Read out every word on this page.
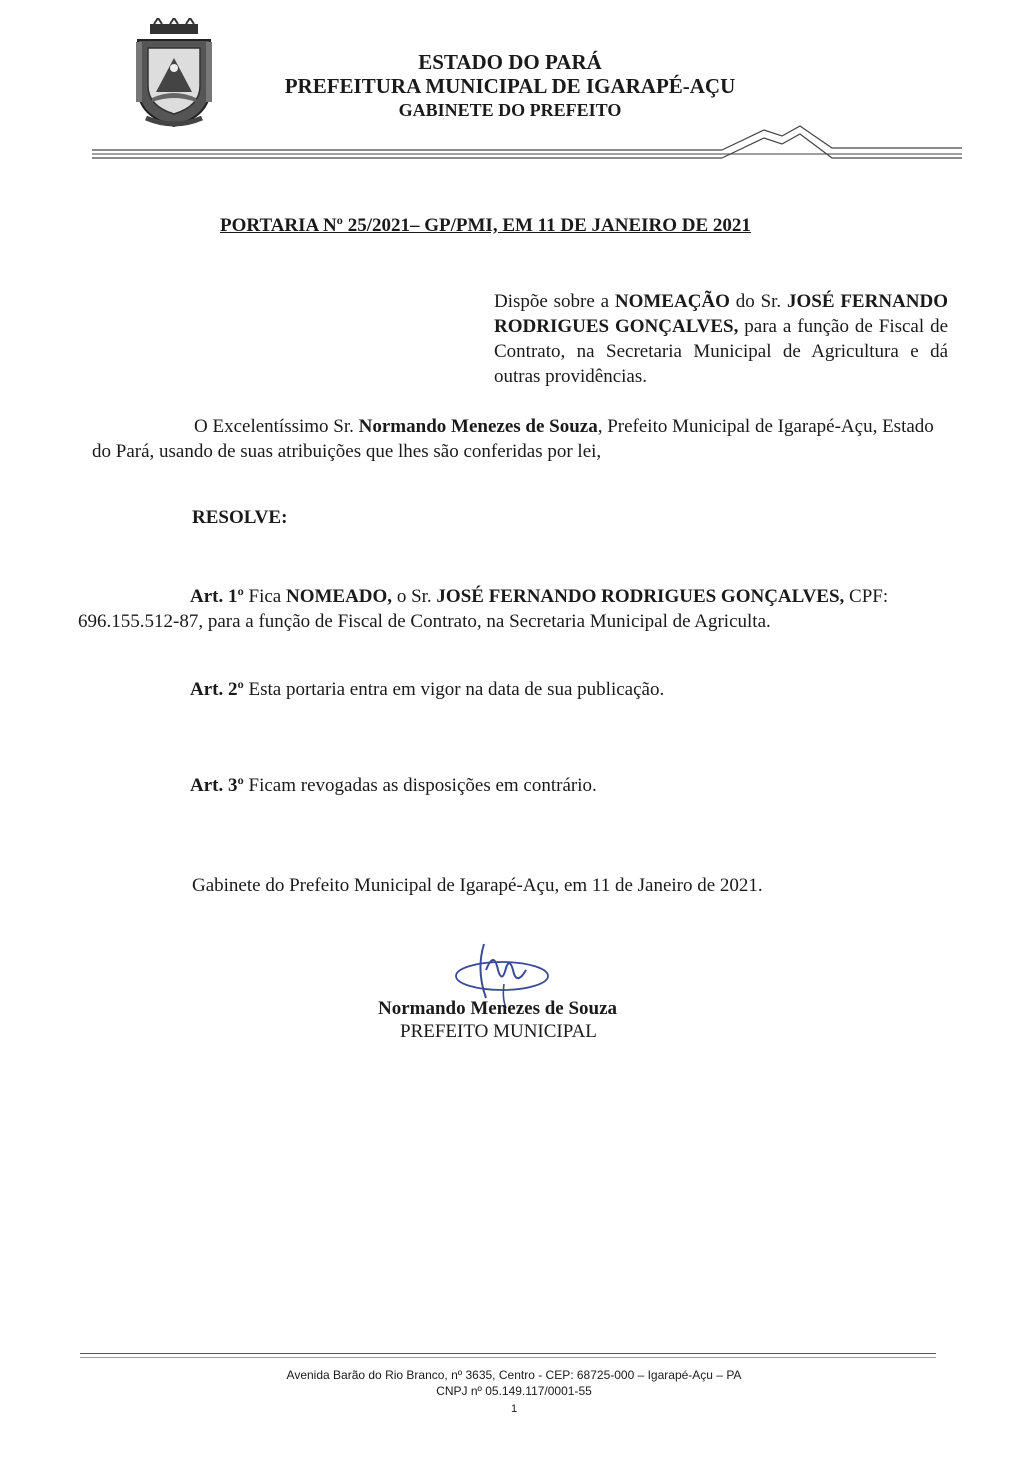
ESTADO DO PARÁ
PREFEITURA MUNICIPAL DE IGARAPÉ-AÇU
GABINETE DO PREFEITO
PORTARIA Nº 25/2021– GP/PMI, EM 11 DE JANEIRO DE 2021
Dispõe sobre a NOMEAÇÃO do Sr. JOSÉ FERNANDO RODRIGUES GONÇALVES, para a função de Fiscal de Contrato, na Secretaria Municipal de Agricultura e dá outras providências.
O Excelentíssimo Sr. Normando Menezes de Souza, Prefeito Municipal de Igarapé-Açu, Estado do Pará, usando de suas atribuições que lhes são conferidas por lei,
RESOLVE:
Art. 1º Fica NOMEADO, o Sr. JOSÉ FERNANDO RODRIGUES GONÇALVES, CPF: 696.155.512-87, para a função de Fiscal de Contrato, na Secretaria Municipal de Agriculta.
Art. 2º Esta portaria entra em vigor na data de sua publicação.
Art. 3º Ficam revogadas as disposições em contrário.
Gabinete do Prefeito Municipal de Igarapé-Açu, em 11 de Janeiro de 2021.
Normando Menezes de Souza
PREFEITO MUNICIPAL
Avenida Barão do Rio Branco, nº 3635, Centro - CEP: 68725-000 – Igarapé-Açu – PA
CNPJ nº 05.149.117/0001-55
1
